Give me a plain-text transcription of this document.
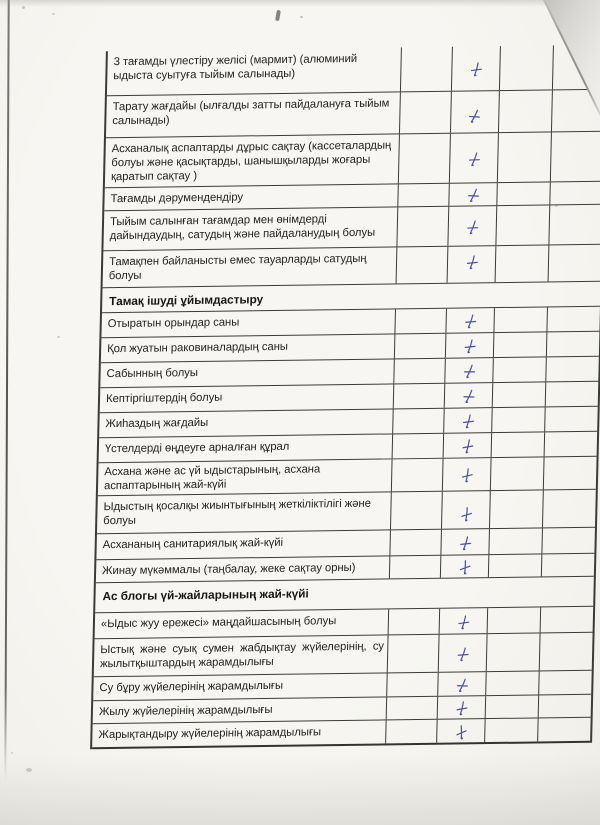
3 тағамды үлестіру желісі (мармит) (алюминий ыдыста суытуға тыйым салынады)
Тарату жағдайы (ылғалды затты пайдалануға тыйым салынады)
Асханалық аспаптарды дұрыс сақтау (кассеталардың болуы және қасықтарды, шанышқыларды жоғары қаратып сақтау )
Тағамды дәрумендендіру
Тыйым салынған тағамдар мен өнімдерді дайындаудың, сатудың және пайдаланудың болуы
Тамақпен байланысты емес тауарларды сатудың болуы
Тамақ ішуді ұйымдастыру
Отыратын орындар саны
Қол жуатын раковиналардың саны
Сабынның болуы
Кептіргіштердің болуы
Жиһаздың жағдайы
Үстелдерді өңдеуге арналған құрал
Асхана және ас үй ыдыстарының, асхана аспаптарының жай-күйі
Ыдыстың қосалқы жиынтығының жеткіліктілігі және болуы
Асхананың санитариялық жай-күйі
Жинау мүкәммалы (таңбалау, жеке сақтау орны)
Ас блогы үй-жайларының жай-күйі
«Ыдыс жуу ережесі» маңдайшасының болуы
Ыстық және суық сумен жабдықтау жүйелерінің, су жылытқыштардың жарамдылығы
Су бұру жүйелерінің жарамдылығы
Жылу жүйелерінің жарамдылығы
Жарықтандыру жүйелерінің жарамдылығы
